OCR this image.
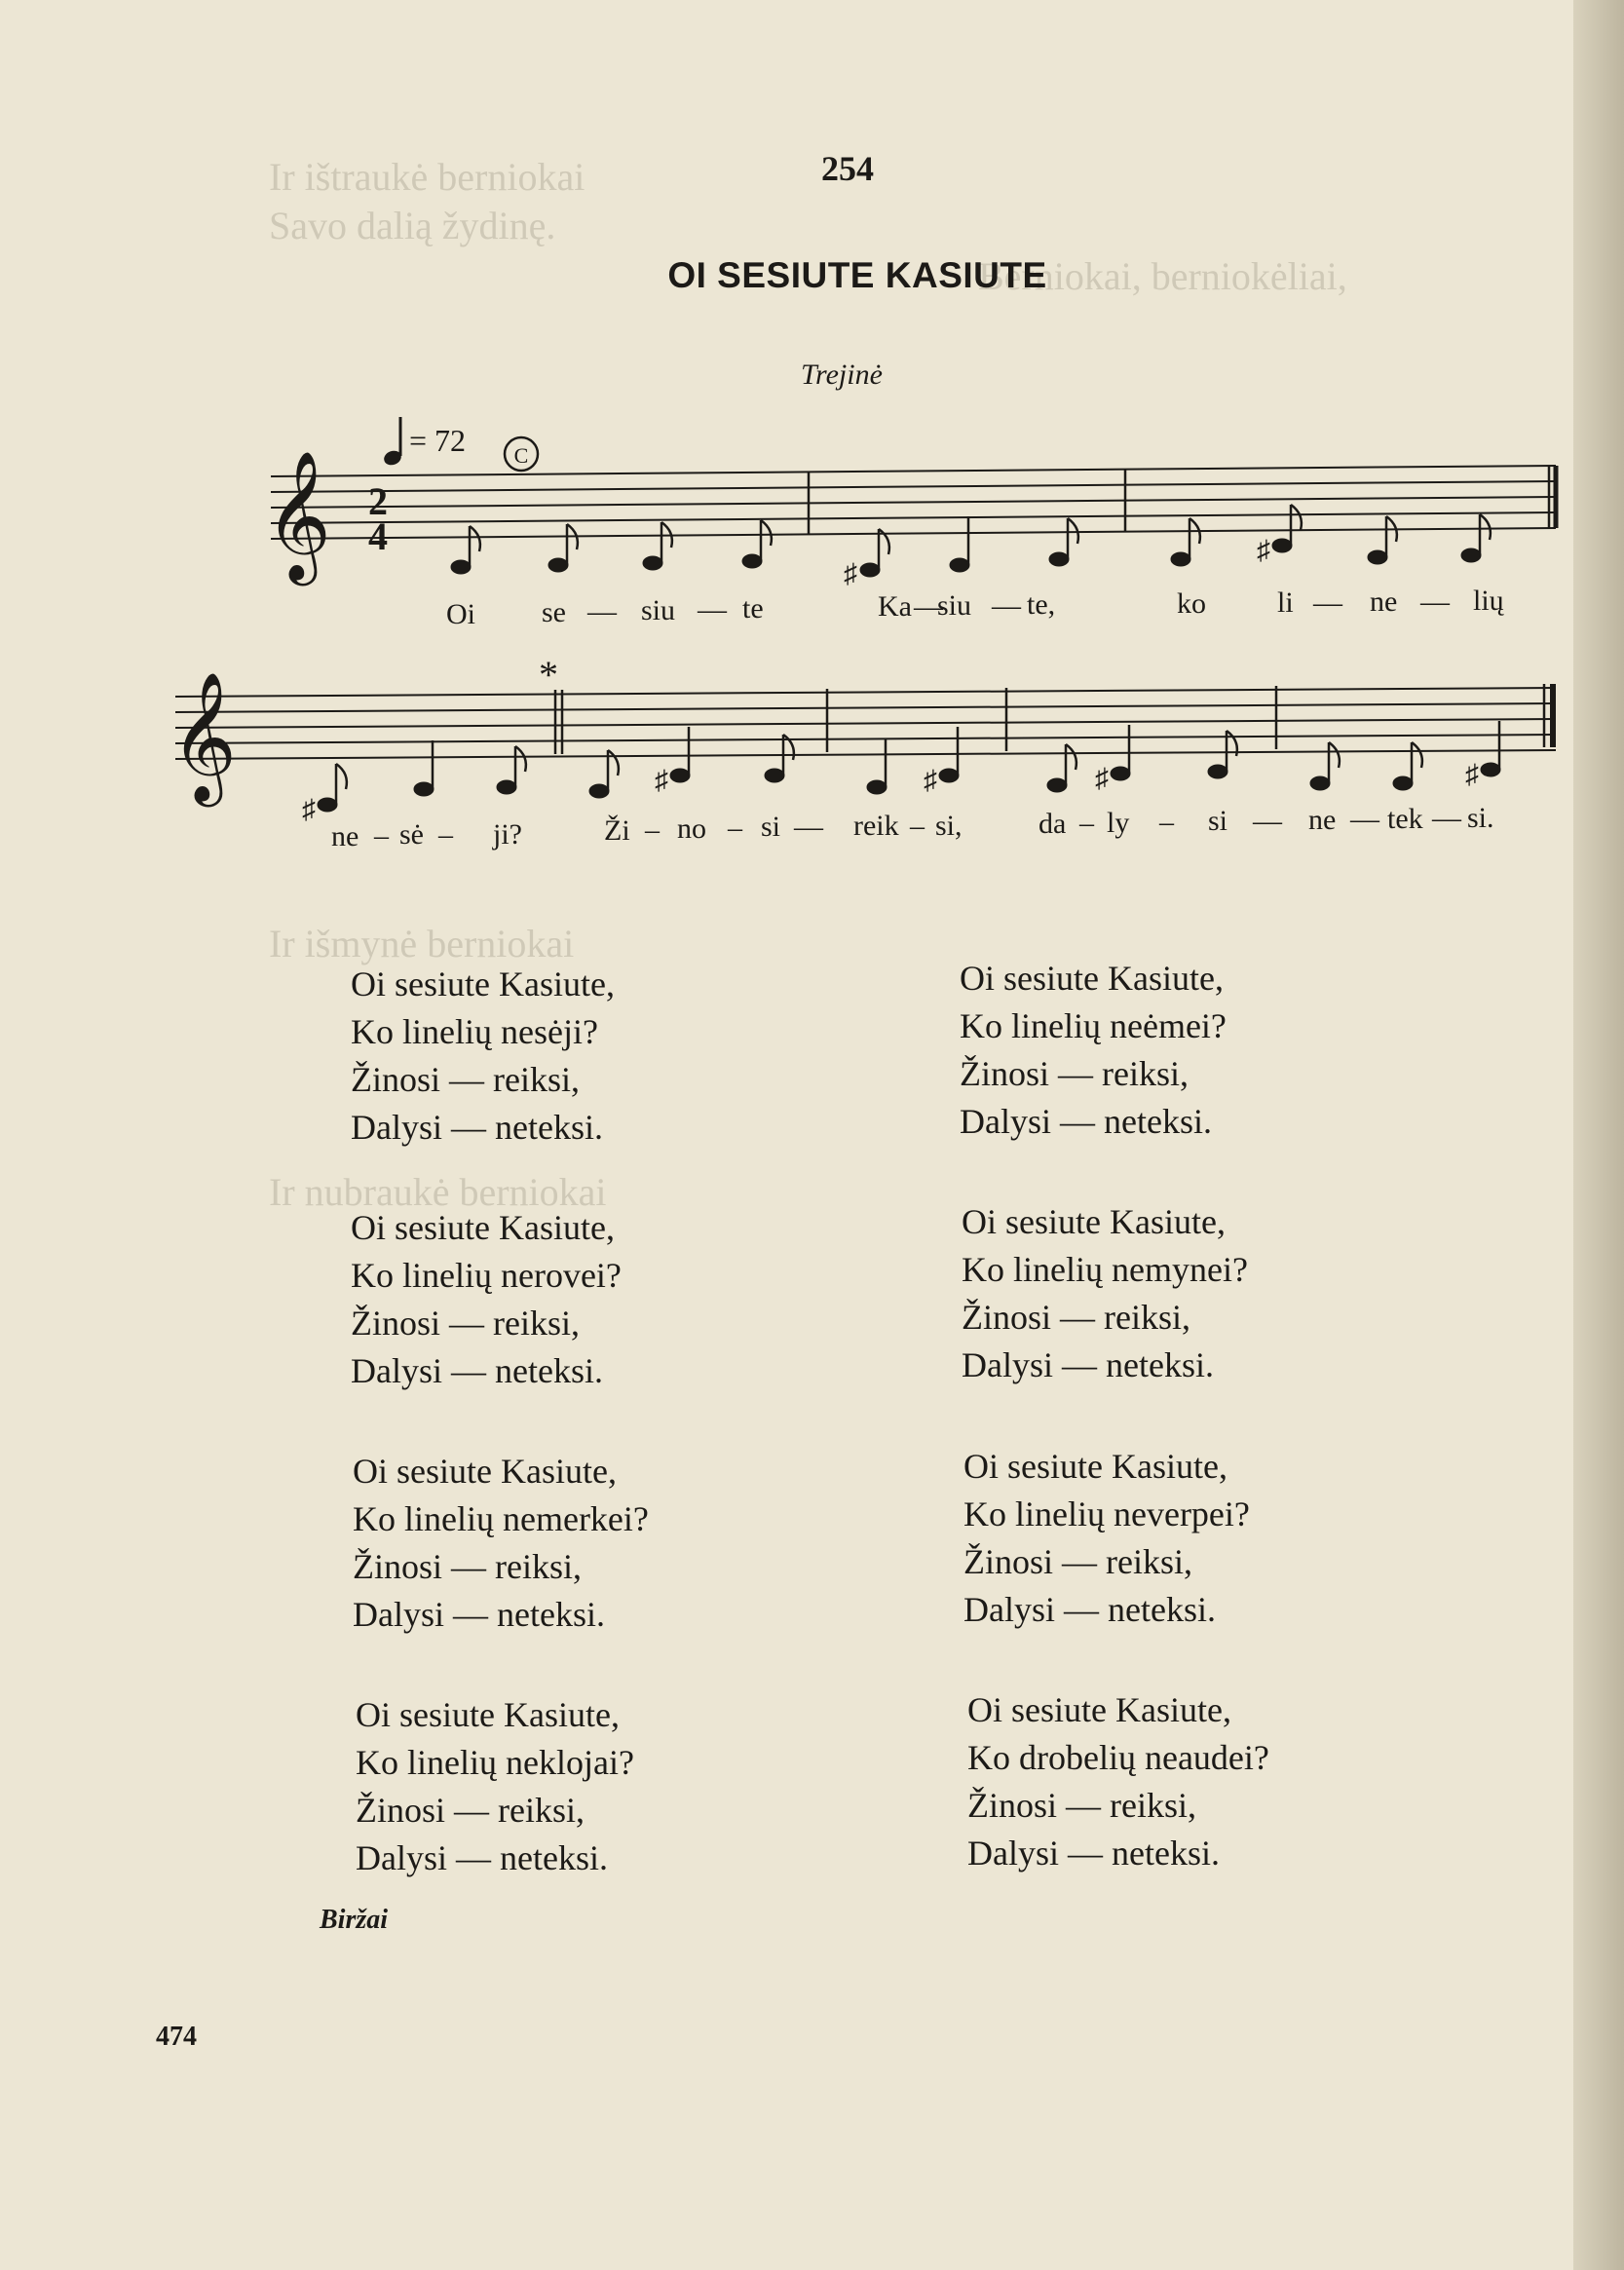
Ir ištraukė berniokai
Savo dalią žydinę.
Berniokai, berniokėliai,
Ir išmynė berniokai
Ir nubraukė berniokai
254
OI SESIUTE KASIUTE
Trejinė
= 72 C
𝄞 2
4
♯
♯
Oi se — siu — te	Ka —
siu — te,	ko li — ne — lių
*
𝄞
♯
♯	♯	♯	♯
ne – sė – ji?	Ži – no – si — reik – si,	da – ly – si — ne — tek — si.
Oi sesiute Kasiute,
Ko linelių nesėji?
Žinosi — reiksi,
Dalysi — neteksi.
Oi sesiute Kasiute,
Ko linelių nerovei?
Žinosi — reiksi,
Dalysi — neteksi.
Oi sesiute Kasiute,
Ko linelių nemerkei?
Žinosi — reiksi,
Dalysi — neteksi.
Oi sesiute Kasiute,
Ko linelių neklojai?
Žinosi — reiksi,
Dalysi — neteksi.
Oi sesiute Kasiute,
Ko linelių neėmei?
Žinosi — reiksi,
Dalysi — neteksi.
Oi sesiute Kasiute,
Ko linelių nemynei?
Žinosi — reiksi,
Dalysi — neteksi.
Oi sesiute Kasiute,
Ko linelių neverpei?
Žinosi — reiksi,
Dalysi — neteksi.
Oi sesiute Kasiute,
Ko drobelių neaudei?
Žinosi — reiksi,
Dalysi — neteksi.
Biržai
474
